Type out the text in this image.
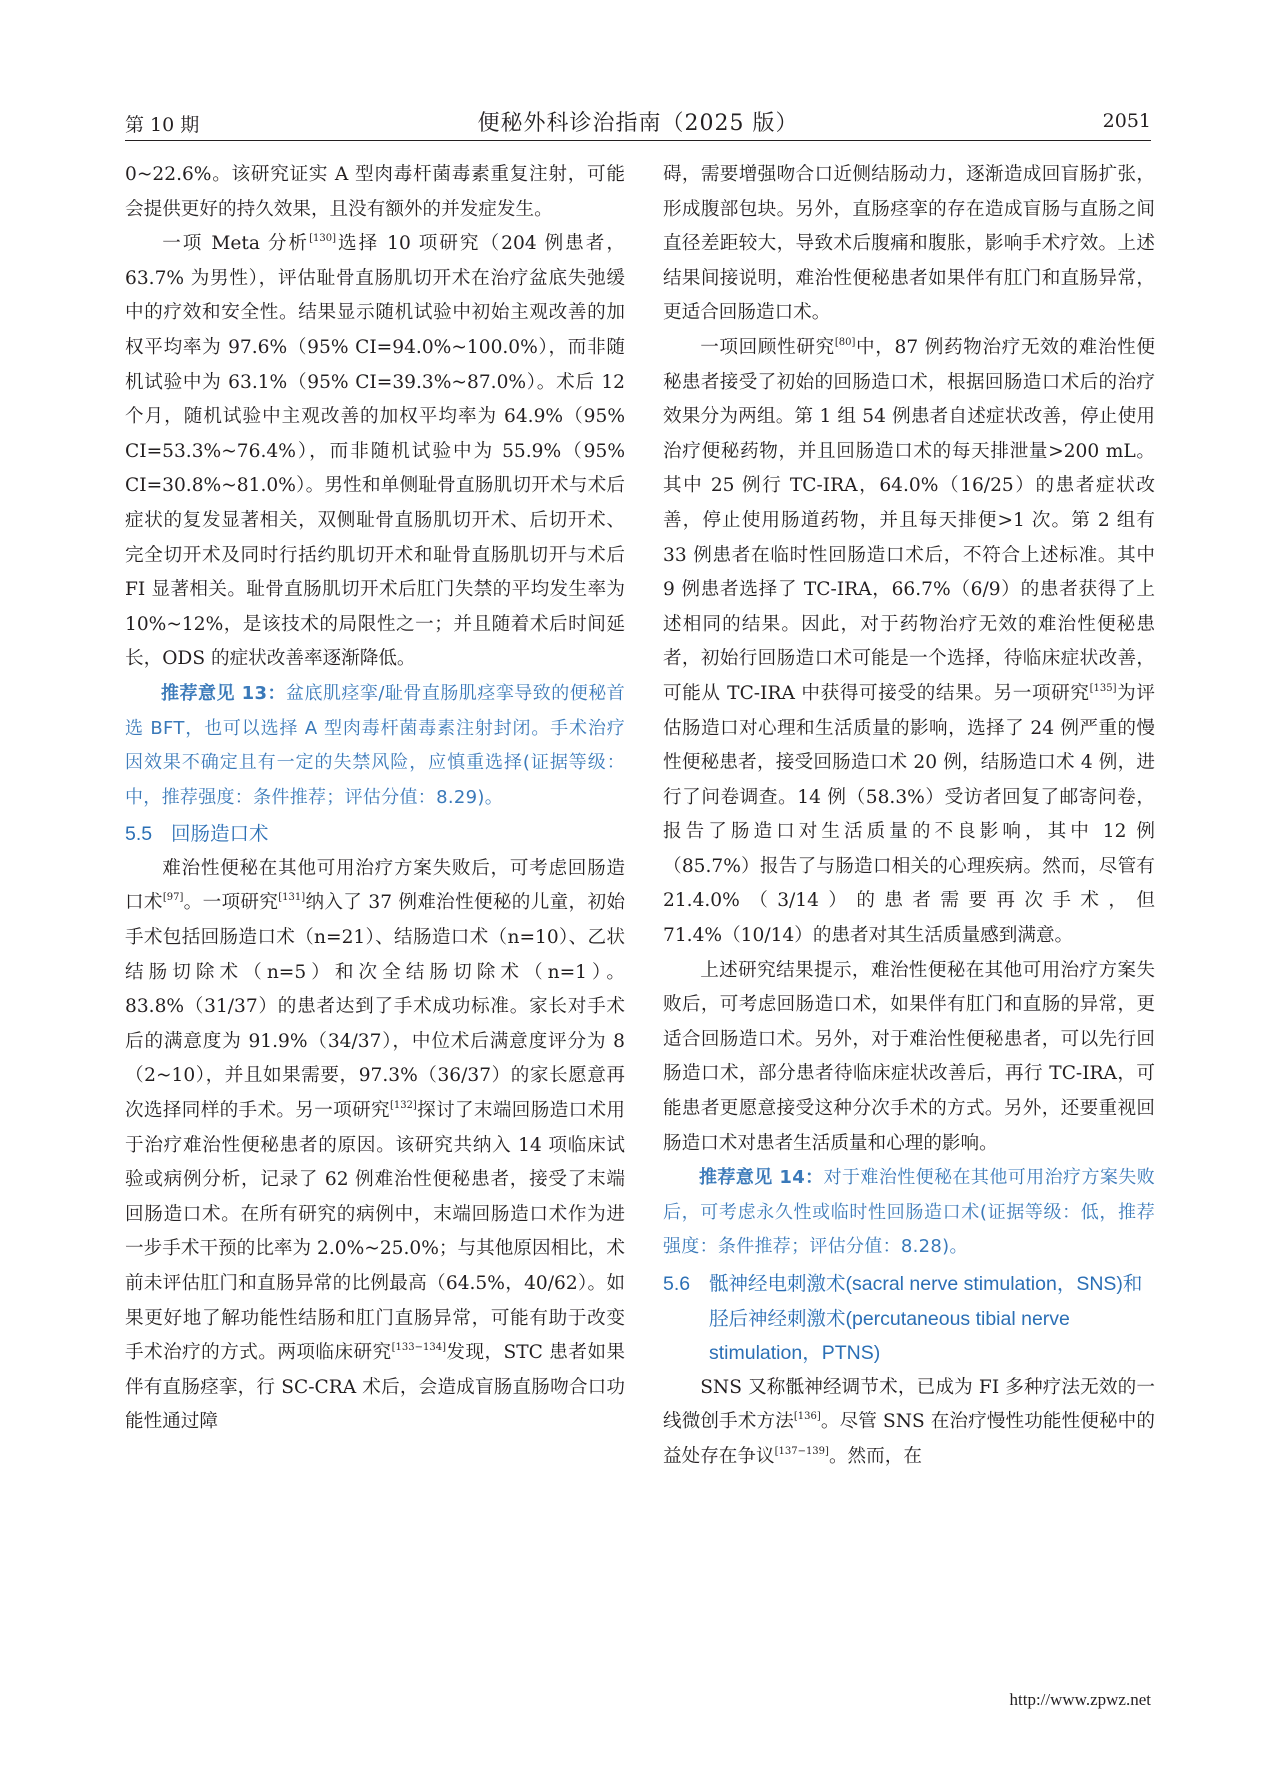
第 10 期	便秘外科诊治指南（2025 版）	2051

0~22.6%。该研究证实 A 型肉毒杆菌毒素重复注射，可能会提供更好的持久效果，且没有额外的并发症发生。

一项 Meta 分析[130]选择 10 项研究（204 例患者，63.7% 为男性），评估耻骨直肠肌切开术在治疗盆底失弛缓中的疗效和安全性。结果显示随机试验中初始主观改善的加权平均率为 97.6%（95% CI=94.0%~100.0%），而非随机试验中为 63.1%（95% CI=39.3%~87.0%）。术后 12 个月，随机试验中主观改善的加权平均率为 64.9%（95% CI=53.3%~76.4%），而非随机试验中为 55.9%（95% CI=30.8%~81.0%）。男性和单侧耻骨直肠肌切开术与术后症状的复发显著相关，双侧耻骨直肠肌切开术、后切开术、完全切开术及同时行括约肌切开术和耻骨直肠肌切开与术后 FI 显著相关。耻骨直肠肌切开术后肛门失禁的平均发生率为 10%~12%，是该技术的局限性之一；并且随着术后时间延长，ODS 的症状改善率逐渐降低。

推荐意见 13：盆底肌痉挛/耻骨直肠肌痉挛导致的便秘首选 BFT，也可以选择 A 型肉毒杆菌毒素注射封闭。手术治疗因效果不确定且有一定的失禁风险，应慎重选择(证据等级：中，推荐强度：条件推荐；评估分值：8.29)。
5.5 回肠造口术

难治性便秘在其他可用治疗方案失败后，可考虑回肠造口术[97]。一项研究[131]纳入了 37 例难治性便秘的儿童，初始手术包括回肠造口术（n=21）、结肠造口术（n=10）、乙状结肠切除术（n=5）和次全结肠切除术（n=1）。83.8%（31/37）的患者达到了手术成功标准。家长对手术后的满意度为 91.9%（34/37），中位术后满意度评分为 8（2~10），并且如果需要，97.3%（36/37）的家长愿意再次选择同样的手术。另一项研究[132]探讨了末端回肠造口术用于治疗难治性便秘患者的原因。该研究共纳入 14 项临床试验或病例分析，记录了 62 例难治性便秘患者，接受了末端回肠造口术。在所有研究的病例中，末端回肠造口术作为进一步手术干预的比率为 2.0%~25.0%；与其他原因相比，术前未评估肛门和直肠异常的比例最高（64.5%，40/62）。如果更好地了解功能性结肠和肛门直肠异常，可能有助于改变手术治疗的方式。两项临床研究[133−134]发现，STC 患者如果伴有直肠痉挛，行 SC-CRA 术后，会造成盲肠直肠吻合口功能性通过障

碍，需要增强吻合口近侧结肠动力，逐渐造成回盲肠扩张，形成腹部包块。另外，直肠痉挛的存在造成盲肠与直肠之间直径差距较大，导致术后腹痛和腹胀，影响手术疗效。上述结果间接说明，难治性便秘患者如果伴有肛门和直肠异常，更适合回肠造口术。

一项回顾性研究[80]中，87 例药物治疗无效的难治性便秘患者接受了初始的回肠造口术，根据回肠造口术后的治疗效果分为两组。第 1 组 54 例患者自述症状改善，停止使用治疗便秘药物，并且回肠造口术的每天排泄量>200 mL。其中 25 例行 TC-IRA，64.0%（16/25）的患者症状改善，停止使用肠道药物，并且每天排便>1 次。第 2 组有 33 例患者在临时性回肠造口术后，不符合上述标准。其中 9 例患者选择了 TC-IRA，66.7%（6/9）的患者获得了上述相同的结果。因此，对于药物治疗无效的难治性便秘患者，初始行回肠造口术可能是一个选择，待临床症状改善，可能从 TC-IRA 中获得可接受的结果。另一项研究[135]为评估肠造口对心理和生活质量的影响，选择了 24 例严重的慢性便秘患者，接受回肠造口术 20 例，结肠造口术 4 例，进行了问卷调查。14 例（58.3%）受访者回复了邮寄问卷，报告了肠造口对生活质量的不良影响，其中 12 例（85.7%）报告了与肠造口相关的心理疾病。然而，尽管有 21.4.0%（3/14）的患者需要再次手术，但 71.4%（10/14）的患者对其生活质量感到满意。

上述研究结果提示，难治性便秘在其他可用治疗方案失败后，可考虑回肠造口术，如果伴有肛门和直肠的异常，更适合回肠造口术。另外，对于难治性便秘患者，可以先行回肠造口术，部分患者待临床症状改善后，再行 TC-IRA，可能患者更愿意接受这种分次手术的方式。另外，还要重视回肠造口术对患者生活质量和心理的影响。

推荐意见 14：对于难治性便秘在其他可用治疗方案失败后，可考虑永久性或临时性回肠造口术(证据等级：低，推荐强度：条件推荐；评估分值：8.28)。
5.6 骶神经电刺激术(sacral nerve stimulation，SNS)和胫后神经刺激术(percutaneous tibial nerve stimulation，PTNS)

SNS 又称骶神经调节术，已成为 FI 多种疗法无效的一线微创手术方法[136]。尽管 SNS 在治疗慢性功能性便秘中的益处存在争议[137−139]。然而，在

http://www.zpwz.net
